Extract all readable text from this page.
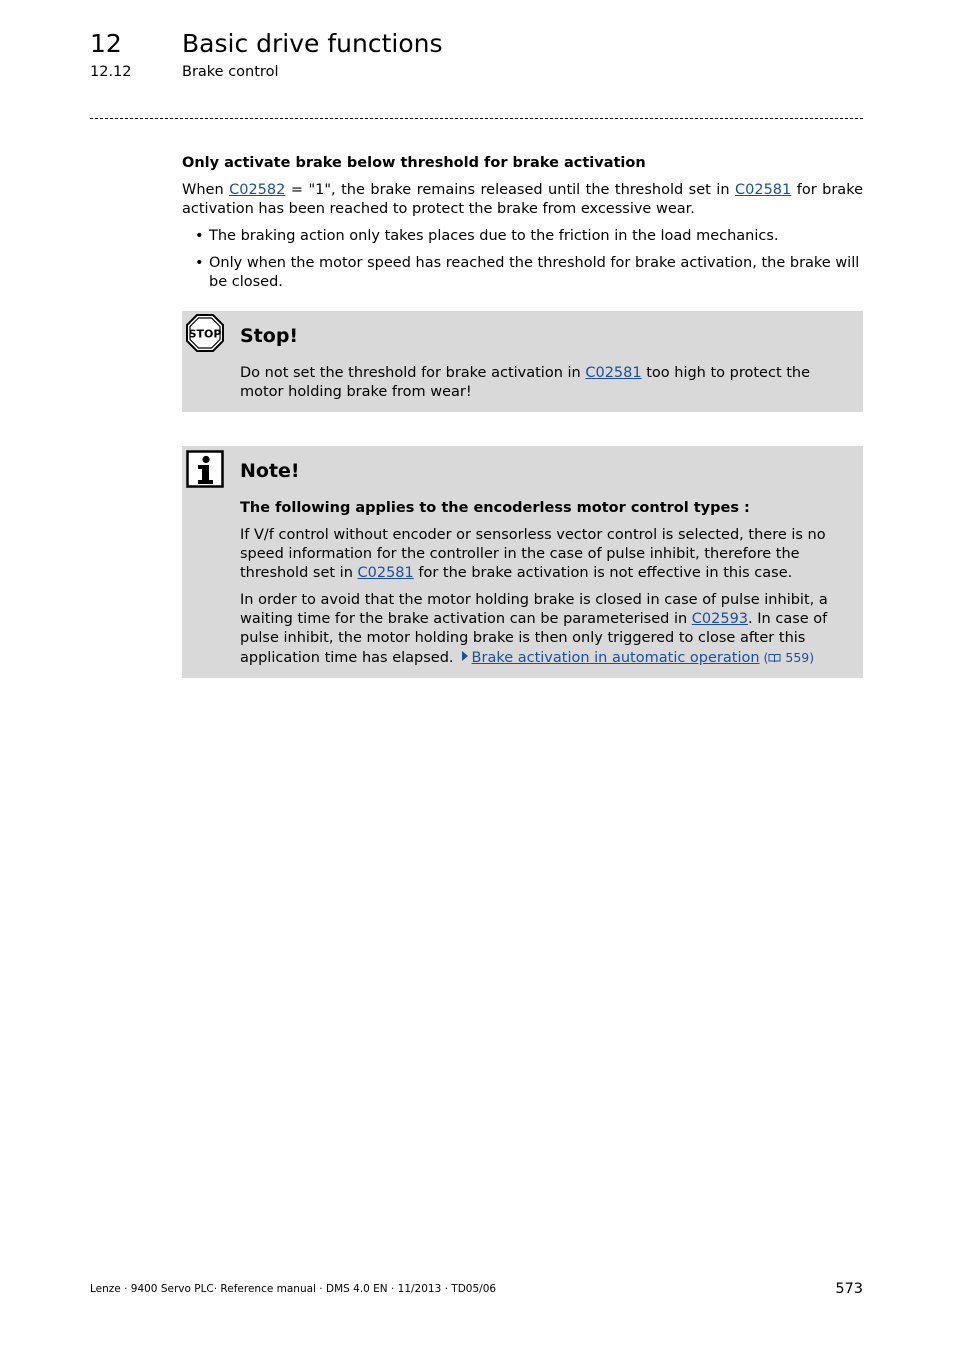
12 Basic drive functions
12.12	Brake control

Only activate brake below threshold for brake activation

When C02582 = "1", the brake remains released until the threshold set in C02581 for brake activation has been reached to protect the brake from excessive wear.

• The braking action only takes places due to the friction in the load mechanics.
• Only when the motor speed has reached the threshold for brake activation, the brake will be closed.
STOP Stop!
Do not set the threshold for brake activation in C02581 too high to protect the motor holding brake from wear!
Note!

The following applies to the encoderless motor control types :

If V/f control without encoder or sensorless vector control is selected, there is no speed information for the controller in the case of pulse inhibit, therefore the threshold set in C02581 for the brake activation is not effective in this case.

In order to avoid that the motor holding brake is closed in case of pulse inhibit, a waiting time for the brake activation can be parameterised in C02593. In case of pulse inhibit, the motor holding brake is then only triggered to close after this application time has elapsed. Brake activation in automatic operation ( 559)

Lenze · 9400 Servo PLC· Reference manual · DMS 4.0 EN · 11/2013 · TD05/06	573
